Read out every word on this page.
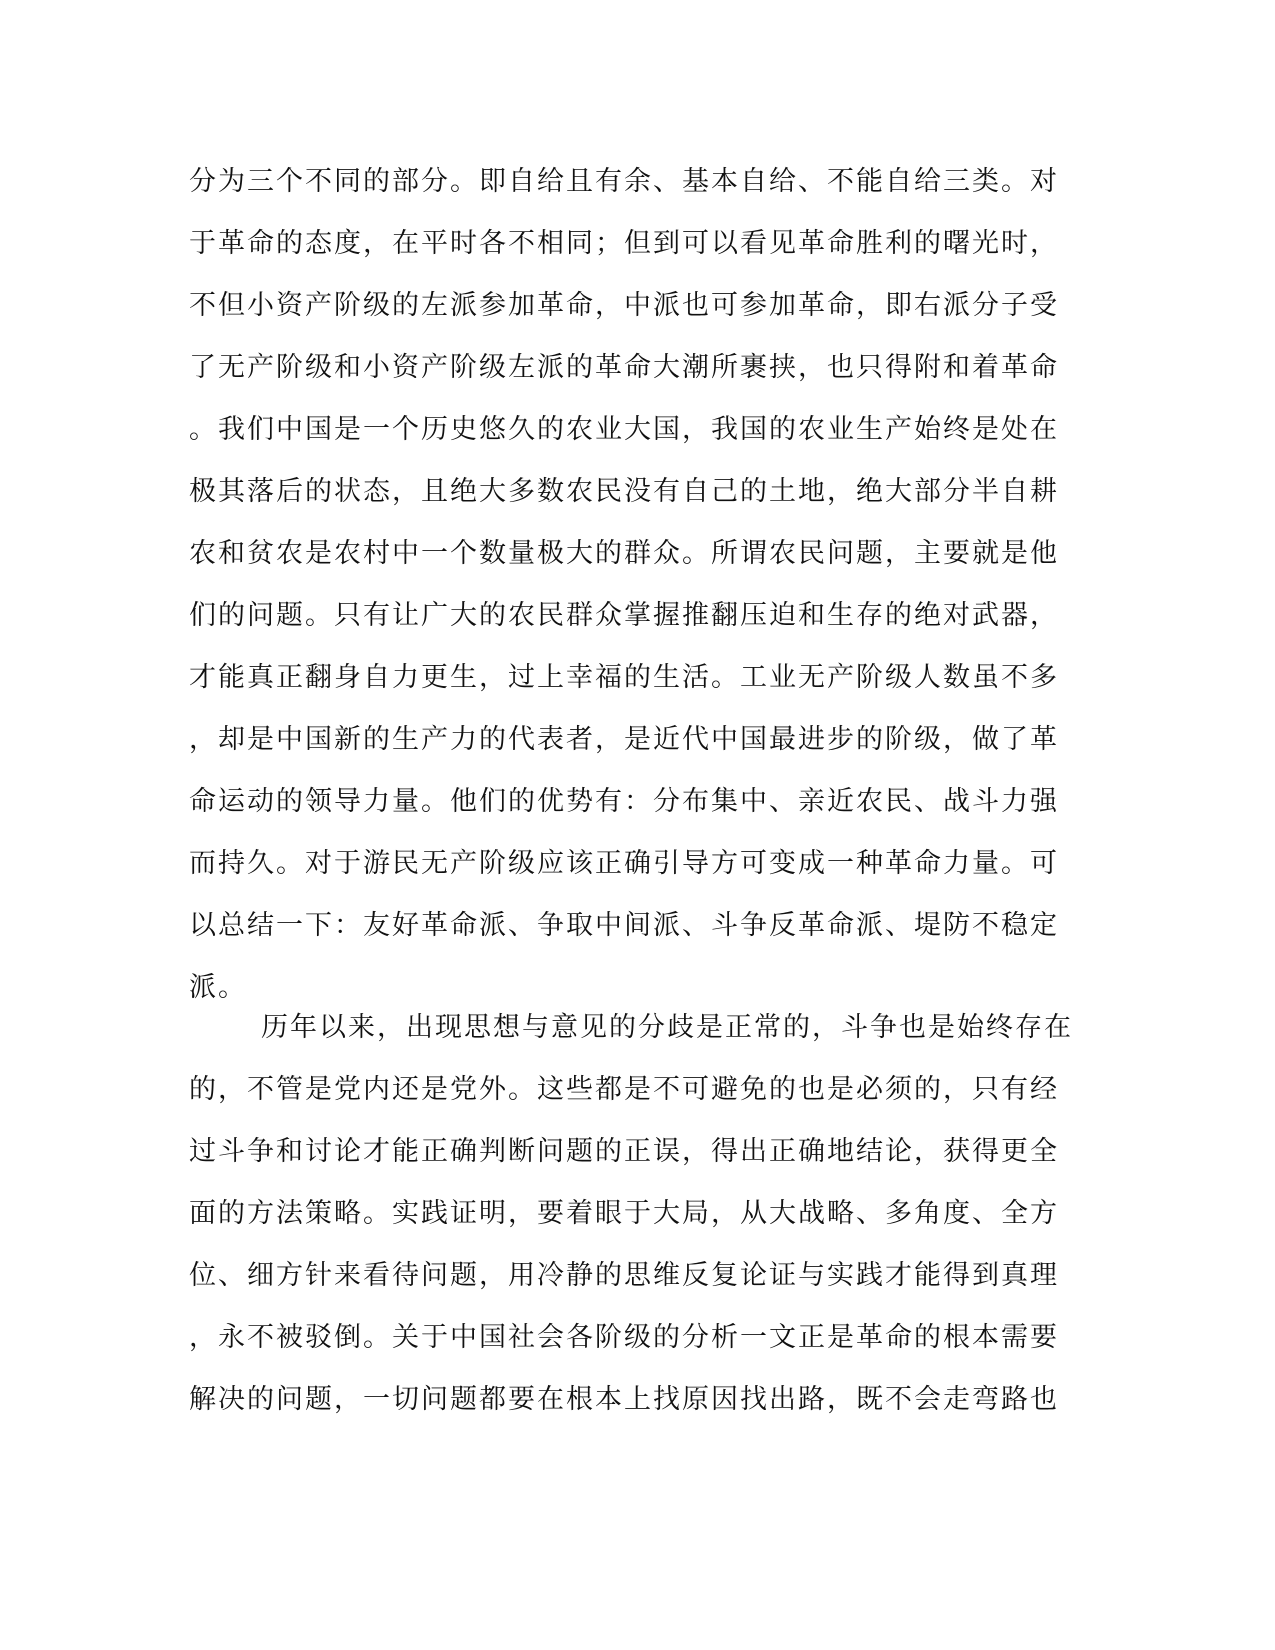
分为三个不同的部分。即自给且有余、基本自给、不能自给三类。对
于革命的态度，在平时各不相同；但到可以看见革命胜利的曙光时，
不但小资产阶级的左派参加革命，中派也可参加革命，即右派分子受
了无产阶级和小资产阶级左派的革命大潮所裹挟，也只得附和着革命
。我们中国是一个历史悠久的农业大国，我国的农业生产始终是处在
极其落后的状态，且绝大多数农民没有自己的土地，绝大部分半自耕
农和贫农是农村中一个数量极大的群众。所谓农民问题，主要就是他
们的问题。只有让广大的农民群众掌握推翻压迫和生存的绝对武器，
才能真正翻身自力更生，过上幸福的生活。工业无产阶级人数虽不多
，却是中国新的生产力的代表者，是近代中国最进步的阶级，做了革
命运动的领导力量。他们的优势有：分布集中、亲近农民、战斗力强
而持久。对于游民无产阶级应该正确引导方可变成一种革命力量。可
以总结一下：友好革命派、争取中间派、斗争反革命派、堤防不稳定
派。
历年以来，出现思想与意见的分歧是正常的，斗争也是始终存在
的，不管是党内还是党外。这些都是不可避免的也是必须的，只有经
过斗争和讨论才能正确判断问题的正误，得出正确地结论，获得更全
面的方法策略。实践证明，要着眼于大局，从大战略、多角度、全方
位、细方针来看待问题，用冷静的思维反复论证与实践才能得到真理
，永不被驳倒。关于中国社会各阶级的分析一文正是革命的根本需要
解决的问题，一切问题都要在根本上找原因找出路，既不会走弯路也
